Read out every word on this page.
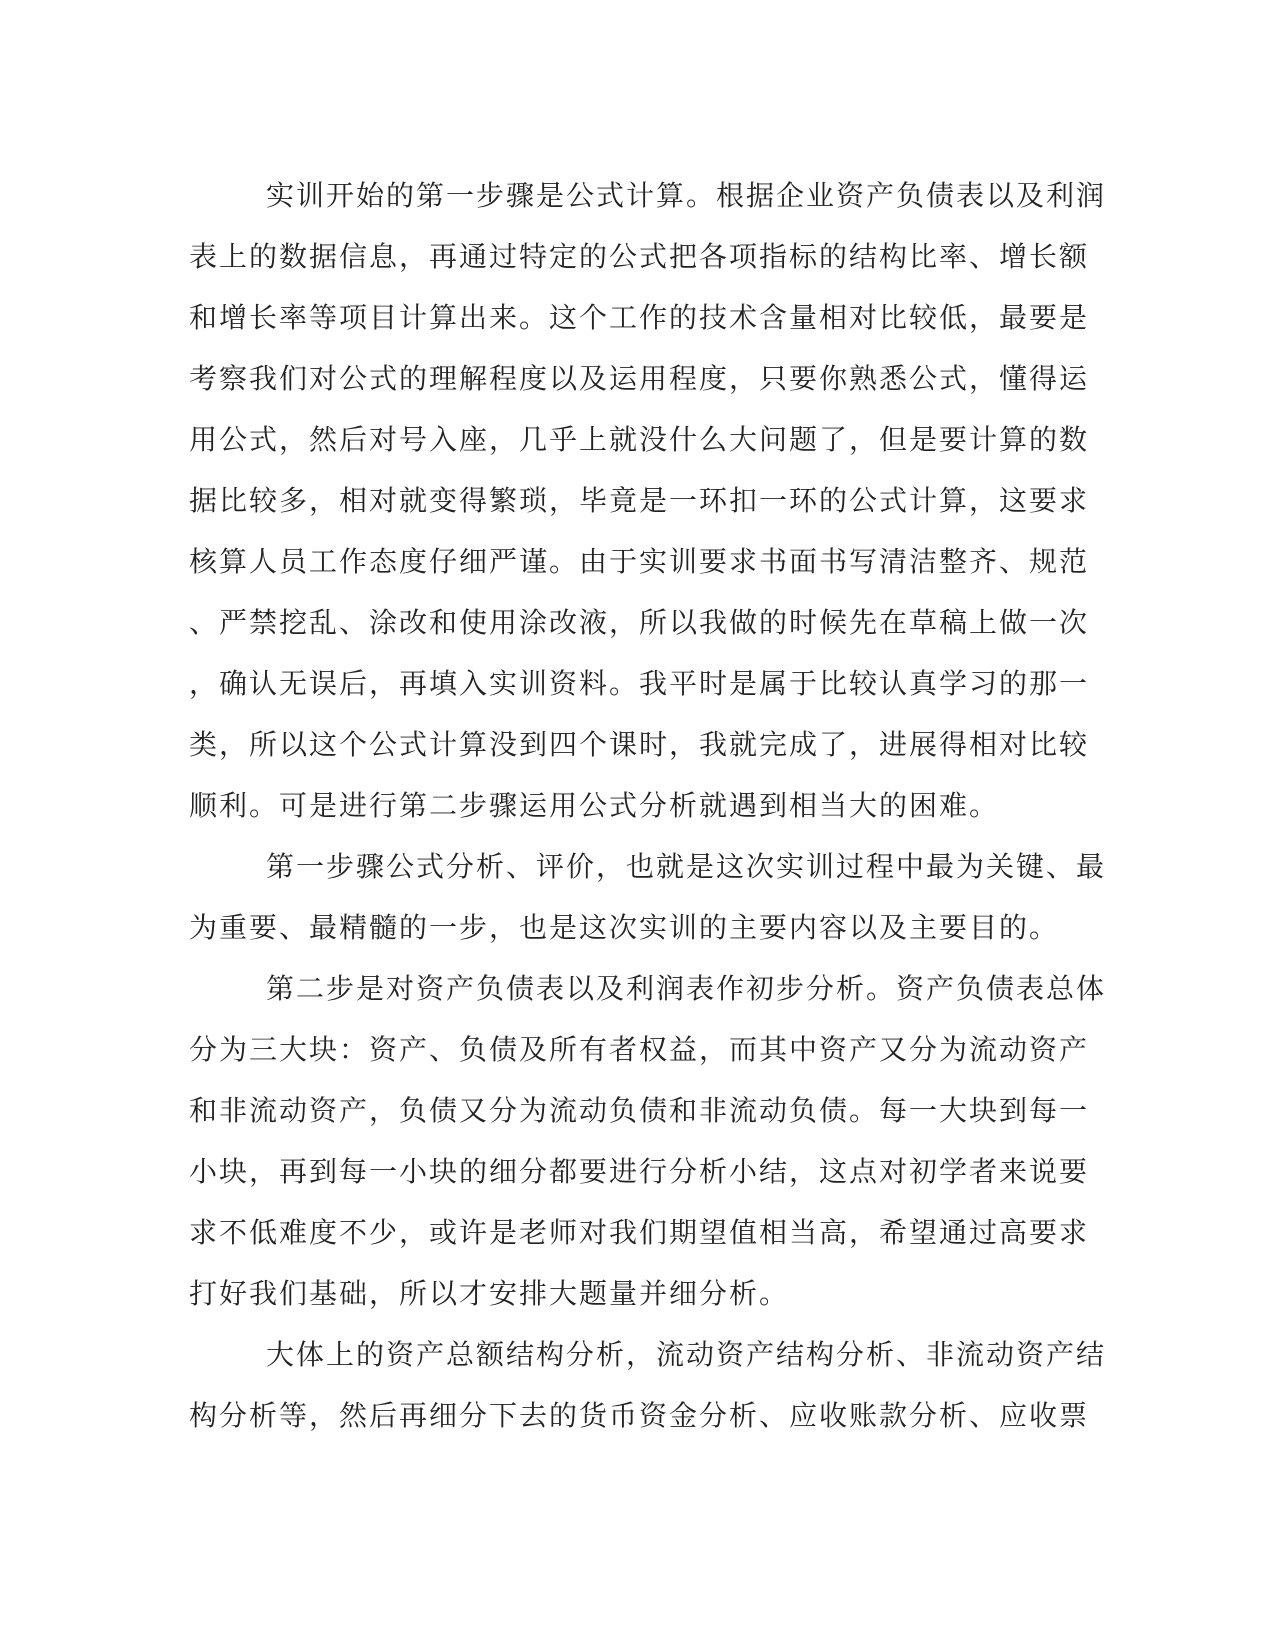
实训开始的第一步骤是公式计算。根据企业资产负债表以及利润
表上的数据信息，再通过特定的公式把各项指标的结构比率、增长额
和增长率等项目计算出来。这个工作的技术含量相对比较低，最要是
考察我们对公式的理解程度以及运用程度，只要你熟悉公式，懂得运
用公式，然后对号入座，几乎上就没什么大问题了，但是要计算的数
据比较多，相对就变得繁琐，毕竟是一环扣一环的公式计算，这要求
核算人员工作态度仔细严谨。由于实训要求书面书写清洁整齐、规范
、严禁挖乱、涂改和使用涂改液，所以我做的时候先在草稿上做一次
，确认无误后，再填入实训资料。我平时是属于比较认真学习的那一
类，所以这个公式计算没到四个课时，我就完成了，进展得相对比较
顺利。可是进行第二步骤运用公式分析就遇到相当大的困难。
第一步骤公式分析、评价，也就是这次实训过程中最为关键、最
为重要、最精髓的一步，也是这次实训的主要内容以及主要目的。
第二步是对资产负债表以及利润表作初步分析。资产负债表总体
分为三大块：资产、负债及所有者权益，而其中资产又分为流动资产
和非流动资产，负债又分为流动负债和非流动负债。每一大块到每一
小块，再到每一小块的细分都要进行分析小结，这点对初学者来说要
求不低难度不少，或许是老师对我们期望值相当高，希望通过高要求
打好我们基础，所以才安排大题量并细分析。
大体上的资产总额结构分析，流动资产结构分析、非流动资产结
构分析等，然后再细分下去的货币资金分析、应收账款分析、应收票
